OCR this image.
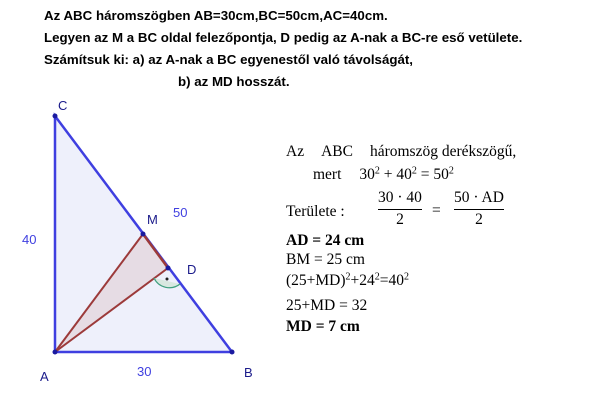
Az ABC háromszögben AB=30cm,BC=50cm,AC=40cm.
Legyen az M a BC oldal felezőpontja, D pedig az A-nak a BC-re eső vetülete.
Számítsuk ki: a) az A-nak a BC egyenestől való távolságát,
b) az MD hosszát.
A	B
C
M
D
40
30
50
Az ABC háromszög derékszögű,
mert $30^2 + 40^2 = 50^2$
Területe :
30 · 40
2
=
50 · AD
2
AD = 24 cm
BM = 25 cm
$(25+MD)^2+24^2=40^2$
25+MD = 32
MD = 7 cm
